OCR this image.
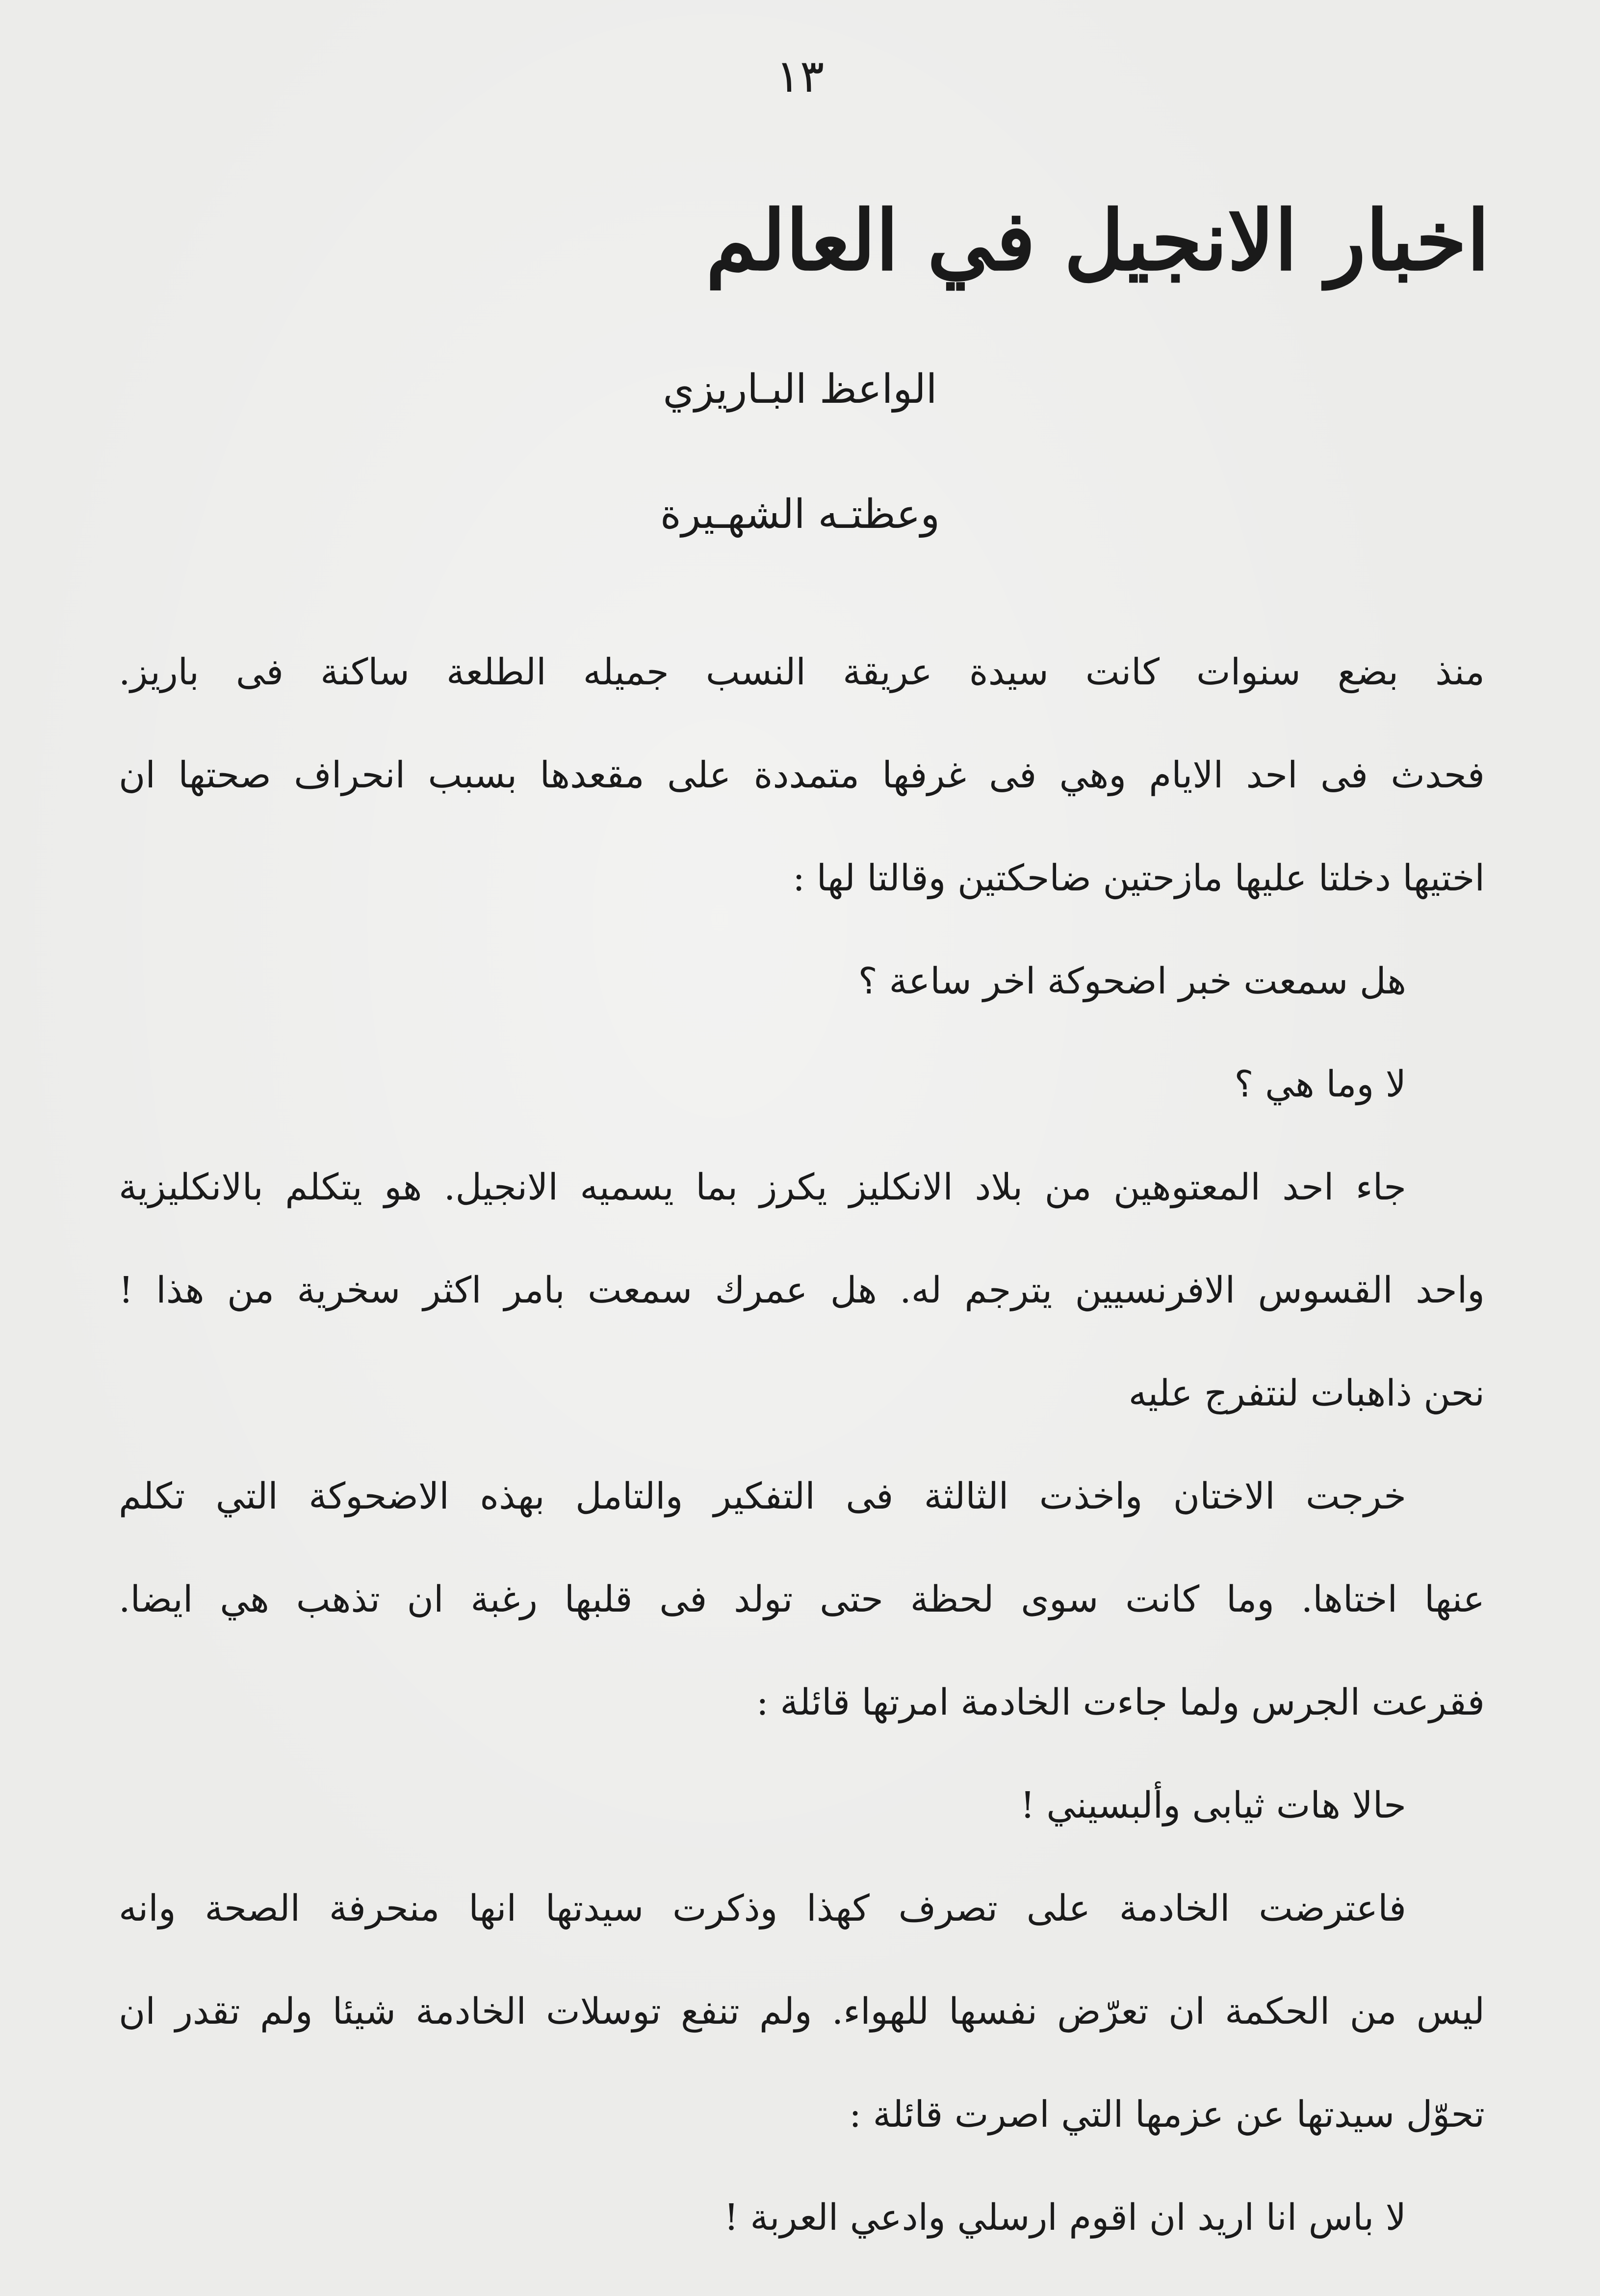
١٣
اخبار الانجيل في العالم
الواعظ البـاريزي
وعظتـه الشهـيرة
منذ بضع سنوات كانت سيدة عريقة النسب جميله الطلعة ساكنة فى باريز.
فحدث فى احد الايام وهي فى غرفها متمددة على مقعدها بسبب انحراف صحتها ان
اختيها دخلتا عليها مازحتين ضاحكتين وقالتا لها :
هل سمعت خبر اضحوكة اخر ساعة ؟
لا وما هي ؟
جاء احد المعتوهين من بلاد الانكليز يكرز بما يسميه الانجيل. هو يتكلم بالانكليزية
واحد القسوس الافرنسيين يترجم له. هل عمرك سمعت بامر اكثر سخرية من هذا !
نحن ذاهبات لنتفرج عليه
خرجت الاختان واخذت الثالثة فى التفكير والتامل بهذه الاضحوكة التي تكلم
عنها اختاها. وما كانت سوى لحظة حتى تولد فى قلبها رغبة ان تذهب هي ايضا.
فقرعت الجرس ولما جاءت الخادمة امرتها قائلة :
حالا هات ثيابى وألبسيني !
فاعترضت الخادمة على تصرف كهذا وذكرت سيدتها انها منحرفة الصحة وانه
ليس من الحكمة ان تعرّض نفسها للهواء. ولم تنفع توسلات الخادمة شيئا ولم تقدر ان
تحوّل سيدتها عن عزمها التي اصرت قائلة :
لا باس انا اريد ان اقوم ارسلي وادعي العربة !
